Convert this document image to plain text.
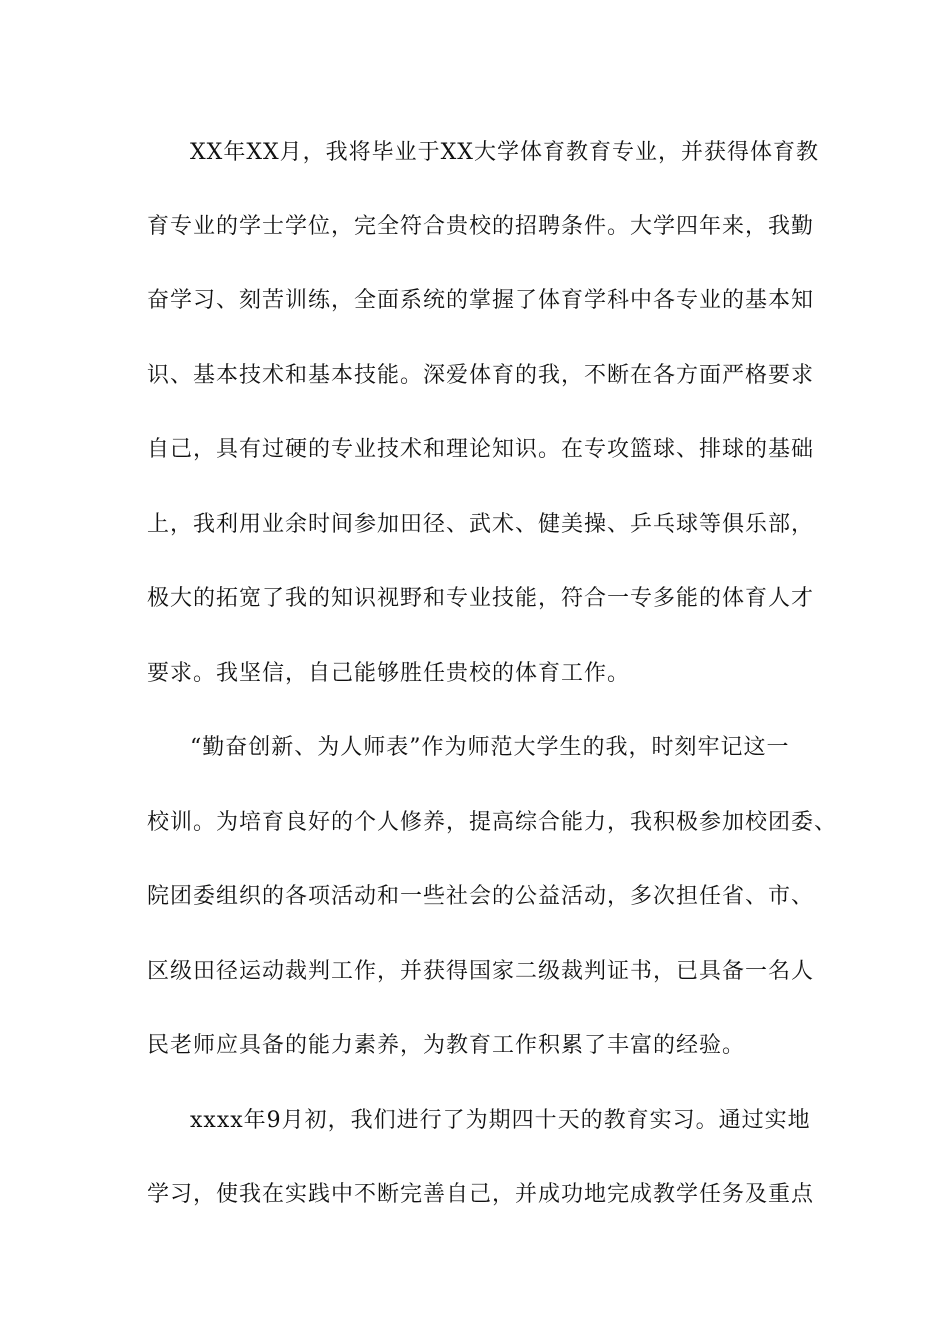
XX年XX月，我将毕业于XX大学体育教育专业，并获得体育教
育专业的学士学位，完全符合贵校的招聘条件。大学四年来，我勤
奋学习、刻苦训练，全面系统的掌握了体育学科中各专业的基本知
识、基本技术和基本技能。深爱体育的我，不断在各方面严格要求
自己，具有过硬的专业技术和理论知识。在专攻篮球、排球的基础
上，我利用业余时间参加田径、武术、健美操、乒乓球等俱乐部，
极大的拓宽了我的知识视野和专业技能，符合一专多能的体育人才
要求。我坚信，自己能够胜任贵校的体育工作。
“勤奋创新、为人师表”作为师范大学生的我，时刻牢记这一
校训。为培育良好的个人修养，提高综合能力，我积极参加校团委、
院团委组织的各项活动和一些社会的公益活动，多次担任省、市、
区级田径运动裁判工作，并获得国家二级裁判证书，已具备一名人
民老师应具备的能力素养，为教育工作积累了丰富的经验。
xxxx年9月初，我们进行了为期四十天的教育实习。通过实地
学习，使我在实践中不断完善自己，并成功地完成教学任务及重点
